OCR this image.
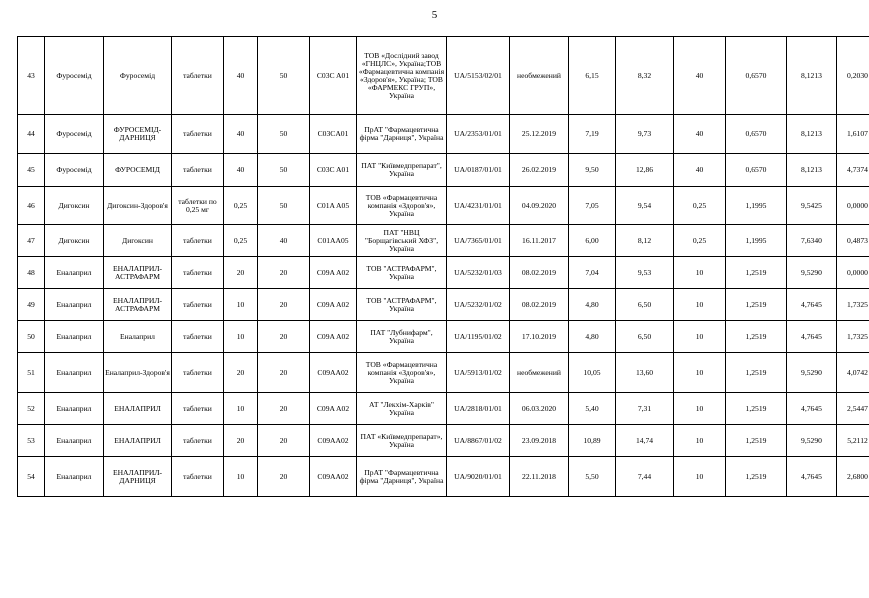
5
43	Фуросемід	Фуросемід	таблетки	40	50	C03C A01	ТОВ «Дослідний завод «ГНЦЛС», Україна;ТОВ «Фармацевтична компанія «Здоров'я», Україна; ТОВ «ФАРМЕКС ГРУП», Україна	UA/5153/02/01	необмежений	6,15	8,32	40	0,6570	8,1213	0,2030
44	Фуросемід	ФУРОСЕМІД-ДАРНИЦЯ	таблетки	40	50	C03CA01	ПрАТ "Фармацевтична фірма "Дарниця", Україна	UA/2353/01/01	25.12.2019	7,19	9,73	40	0,6570	8,1213	1,6107
45	Фуросемід	ФУРОСЕМІД	таблетки	40	50	C03C A01	ПАТ "Київмедпрепарат", Україна	UA/0187/01/01	26.02.2019	9,50	12,86	40	0,6570	8,1213	4,7374
46	Дигоксин	Дигоксин-Здоров'я	таблетки по 0,25 мг	0,25	50	C01A A05	ТОВ «Фармацевтична компанія «Здоров'я», Україна	UA/4231/01/01	04.09.2020	7,05	9,54	0,25	1,1995	9,5425	0,0000
47	Дигоксин	Дигоксин	таблетки	0,25	40	C01AA05	ПАТ "НВЦ "Борщагівський ХФЗ", Україна	UA/7365/01/01	16.11.2017	6,00	8,12	0,25	1,1995	7,6340	0,4873
48	Еналаприл	ЕНАЛАПРИЛ-АСТРАФАРМ	таблетки	20	20	C09A A02	ТОВ "АСТРАФАРМ", Україна	UA/5232/01/03	08.02.2019	7,04	9,53	10	1,2519	9,5290	0,0000
49	Еналаприл	ЕНАЛАПРИЛ-АСТРАФАРМ	таблетки	10	20	C09A A02	ТОВ "АСТРАФАРМ", Україна	UA/5232/01/02	08.02.2019	4,80	6,50	10	1,2519	4,7645	1,7325
50	Еналаприл	Еналаприл	таблетки	10	20	C09A A02	ПАТ "Лубнифарм", Україна	UA/1195/01/02	17.10.2019	4,80	6,50	10	1,2519	4,7645	1,7325
51	Еналаприл	Еналаприл-Здоров'я	таблетки	20	20	C09AA02	ТОВ «Фармацевтична компанія «Здоров'я», Україна	UA/5913/01/02	необмежений	10,05	13,60	10	1,2519	9,5290	4,0742
52	Еналаприл	ЕНАЛАПРИЛ	таблетки	10	20	C09A A02	АТ "Лекхім-Харків" Україна	UA/2818/01/01	06.03.2020	5,40	7,31	10	1,2519	4,7645	2,5447
53	Еналаприл	ЕНАЛАПРИЛ	таблетки	20	20	C09AA02	ПАТ «Київмедпрепарат», Україна	UA/8867/01/02	23.09.2018	10,89	14,74	10	1,2519	9,5290	5,2112
54	Еналаприл	ЕНАЛАПРИЛ-ДАРНИЦЯ	таблетки	10	20	C09AA02	ПрАТ "Фармацевтична фірма "Дарниця", Україна	UA/9020/01/01	22.11.2018	5,50	7,44	10	1,2519	4,7645	2,6800
